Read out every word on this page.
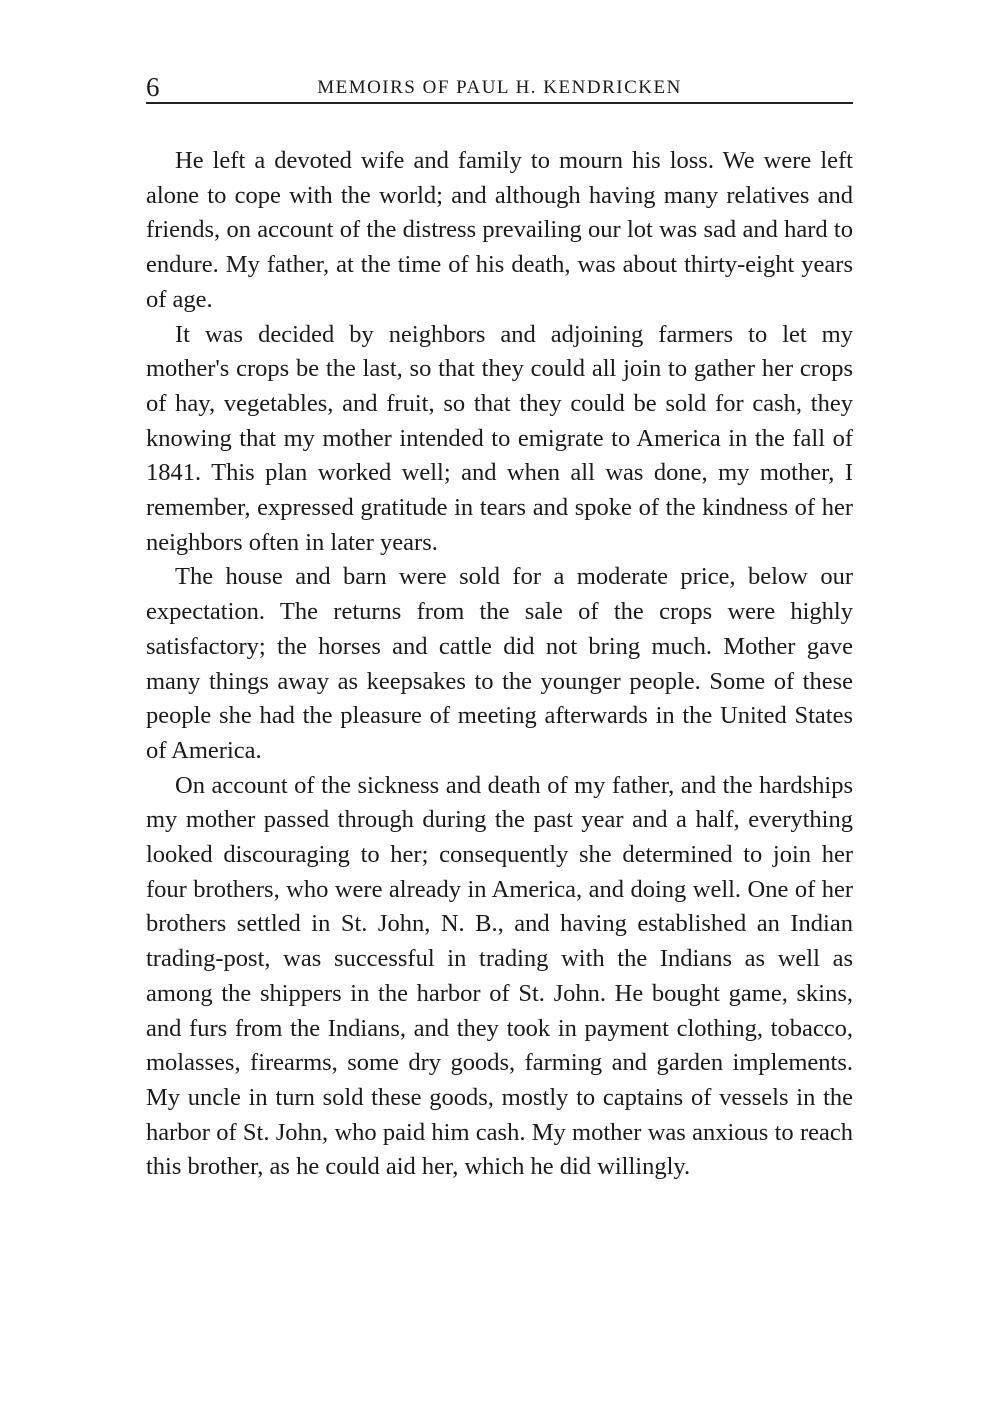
6	MEMOIRS OF PAUL H. KENDRICKEN

He left a devoted wife and family to mourn his loss. We were left alone to cope with the world; and although having many relatives and friends, on account of the distress prevailing our lot was sad and hard to endure. My father, at the time of his death, was about thirty-eight years of age.

It was decided by neighbors and adjoining farmers to let my mother's crops be the last, so that they could all join to gather her crops of hay, vegetables, and fruit, so that they could be sold for cash, they knowing that my mother intended to emigrate to America in the fall of 1841. This plan worked well; and when all was done, my mother, I remember, expressed gratitude in tears and spoke of the kindness of her neighbors often in later years.

The house and barn were sold for a moderate price, below our expectation. The returns from the sale of the crops were highly satisfactory; the horses and cattle did not bring much. Mother gave many things away as keepsakes to the younger people. Some of these people she had the pleasure of meeting afterwards in the United States of America.

On account of the sickness and death of my father, and the hardships my mother passed through during the past year and a half, everything looked discouraging to her; consequently she determined to join her four brothers, who were already in America, and doing well. One of her brothers settled in St. John, N. B., and having established an Indian trading-post, was successful in trading with the Indians as well as among the shippers in the harbor of St. John. He bought game, skins, and furs from the Indians, and they took in payment clothing, tobacco, molasses, firearms, some dry goods, farming and garden implements. My uncle in turn sold these goods, mostly to captains of vessels in the harbor of St. John, who paid him cash. My mother was anxious to reach this brother, as he could aid her, which he did willingly.
